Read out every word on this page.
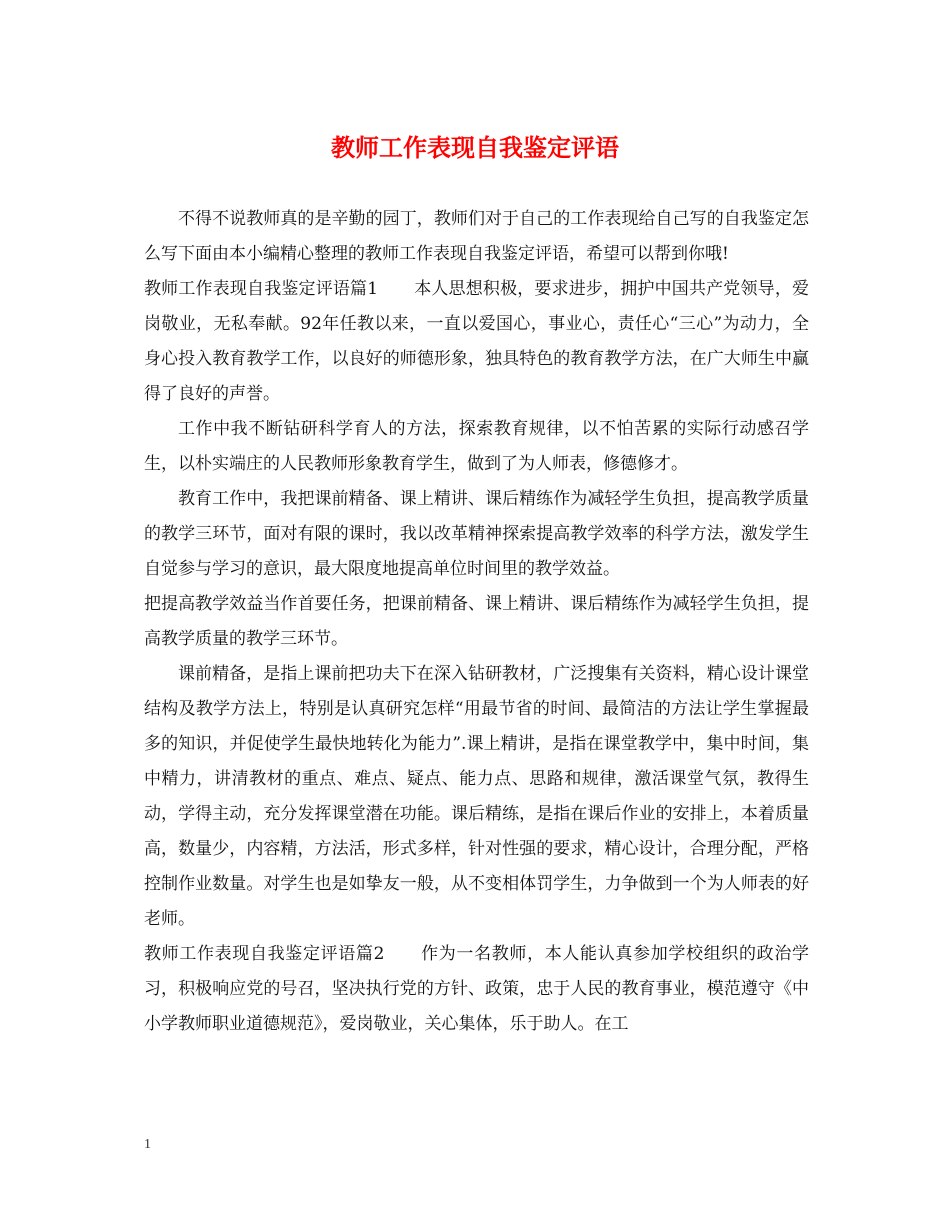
教师工作表现自我鉴定评语

不得不说教师真的是辛勤的园丁，教师们对于自己的工作表现给自己写的自我鉴定怎么写下面由本小编精心整理的教师工作表现自我鉴定评语，希望可以帮到你哦!

教师工作表现自我鉴定评语篇1 本人思想积极，要求进步，拥护中国共产党领导，爱岗敬业，无私奉献。92年任教以来，一直以爱国心，事业心，责任心“三心”为动力，全身心投入教育教学工作，以良好的师德形象，独具特色的教育教学方法，在广大师生中赢得了良好的声誉。

工作中我不断钻研科学育人的方法，探索教育规律，以不怕苦累的实际行动感召学生，以朴实端庄的人民教师形象教育学生，做到了为人师表，修德修才。

教育工作中，我把课前精备、课上精讲、课后精练作为减轻学生负担，提高教学质量的教学三环节，面对有限的课时，我以改革精神探索提高教学效率的科学方法，激发学生自觉参与学习的意识，最大限度地提高单位时间里的教学效益。

把提高教学效益当作首要任务，把课前精备、课上精讲、课后精练作为减轻学生负担，提高教学质量的教学三环节。

课前精备，是指上课前把功夫下在深入钻研教材，广泛搜集有关资料，精心设计课堂结构及教学方法上，特别是认真研究怎样“用最节省的时间、最简洁的方法让学生掌握最多的知识，并促使学生最快地转化为能力”.课上精讲，是指在课堂教学中，集中时间，集中精力，讲清教材的重点、难点、疑点、能力点、思路和规律，激活课堂气氛，教得生动，学得主动，充分发挥课堂潜在功能。课后精练，是指在课后作业的安排上，本着质量高，数量少，内容精，方法活，形式多样，针对性强的要求，精心设计，合理分配，严格控制作业数量。对学生也是如挚友一般，从不变相体罚学生，力争做到一个为人师表的好老师。

教师工作表现自我鉴定评语篇2 作为一名教师，本人能认真参加学校组织的政治学习，积极响应党的号召，坚决执行党的方针、政策，忠于人民的教育事业，模范遵守《中小学教师职业道德规范》，爱岗敬业，关心集体，乐于助人。在工

1
